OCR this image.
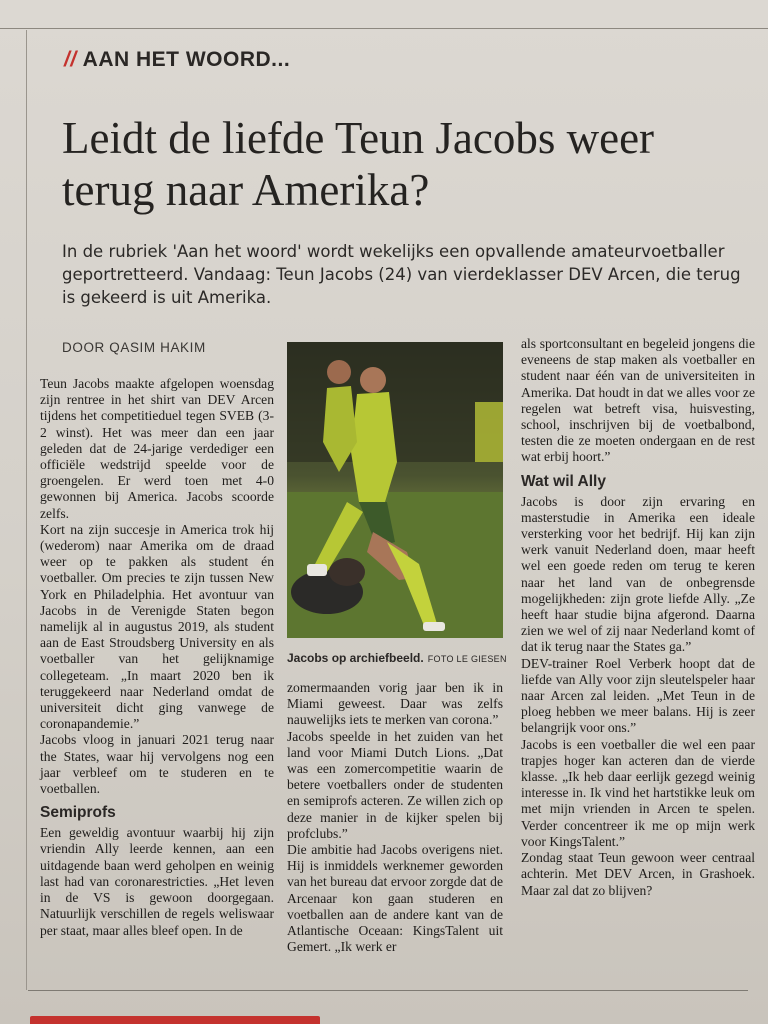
// AAN HET WOORD...
Leidt de liefde Teun Jacobs weer terug naar Amerika?

In de rubriek 'Aan het woord' wordt wekelijks een opvallende amateurvoetballer geportretteerd. Vandaag: Teun Jacobs (24) van vierdeklasser DEV Arcen, die terug is gekeerd is uit Amerika.

DOOR QASIM HAKIM

Teun Jacobs maakte afgelopen woensdag zijn rentree in het shirt van DEV Arcen tijdens het competitieduel tegen SVEB (3-2 winst). Het was meer dan een jaar geleden dat de 24-jarige verdediger een officiële wedstrijd speelde voor de groengelen. Er werd toen met 4-0 gewonnen bij America. Jacobs scoorde zelfs.

Kort na zijn succesje in America trok hij (wederom) naar Amerika om de draad weer op te pakken als student én voetballer. Om precies te zijn tussen New York en Philadelphia. Het avontuur van Jacobs in de Verenigde Staten begon namelijk al in augustus 2019, als student aan de East Stroudsberg University en als voetballer van het gelijknamige collegeteam. „In maart 2020 ben ik teruggekeerd naar Nederland omdat de universiteit dicht ging vanwege de coronapandemie.”

Jacobs vloog in januari 2021 terug naar the States, waar hij vervolgens nog een jaar verbleef om te studeren en te voetballen.

Semiprofs

Een geweldig avontuur waarbij hij zijn vriendin Ally leerde kennen, aan een uitdagende baan werd geholpen en weinig last had van coronarestricties. „Het leven in de VS is gewoon doorgegaan. Natuurlijk verschillen de regels weliswaar per staat, maar alles bleef open. In de

Jacobs op archiefbeeld. FOTO LE GIESEN

zomermaanden vorig jaar ben ik in Miami geweest. Daar was zelfs nauwelijks iets te merken van corona.”

Jacobs speelde in het zuiden van het land voor Miami Dutch Lions. „Dat was een zomercompetitie waarin de betere voetballers onder de studenten en semiprofs acteren. Ze willen zich op deze manier in de kijker spelen bij profclubs.”

Die ambitie had Jacobs overigens niet. Hij is inmiddels werknemer geworden van het bureau dat ervoor zorgde dat de Arcenaar kon gaan studeren en voetballen aan de andere kant van de Atlantische Oceaan: KingsTalent uit Gemert. „Ik werk er

als sportconsultant en begeleid jongens die eveneens de stap maken als voetballer en student naar één van de universiteiten in Amerika. Dat houdt in dat we alles voor ze regelen wat betreft visa, huisvesting, school, inschrijven bij de voetbalbond, testen die ze moeten ondergaan en de rest wat erbij hoort.”

Wat wil Ally

Jacobs is door zijn ervaring en masterstudie in Amerika een ideale versterking voor het bedrijf. Hij kan zijn werk vanuit Nederland doen, maar heeft wel een goede reden om terug te keren naar het land van de onbegrensde mogelijkheden: zijn grote liefde Ally. „Ze heeft haar studie bijna afgerond. Daarna zien we wel of zij naar Nederland komt of dat ik terug naar the States ga.”

DEV-trainer Roel Verberk hoopt dat de liefde van Ally voor zijn sleutelspeler haar naar Arcen zal leiden. „Met Teun in de ploeg hebben we meer balans. Hij is zeer belangrijk voor ons.”

Jacobs is een voetballer die wel een paar trapjes hoger kan acteren dan de vierde klasse. „Ik heb daar eerlijk gezegd weinig interesse in. Ik vind het hartstikke leuk om met mijn vrienden in Arcen te spelen. Verder concentreer ik me op mijn werk voor KingsTalent.”

Zondag staat Teun gewoon weer centraal achterin. Met DEV Arcen, in Grashoek. Maar zal dat zo blijven?
